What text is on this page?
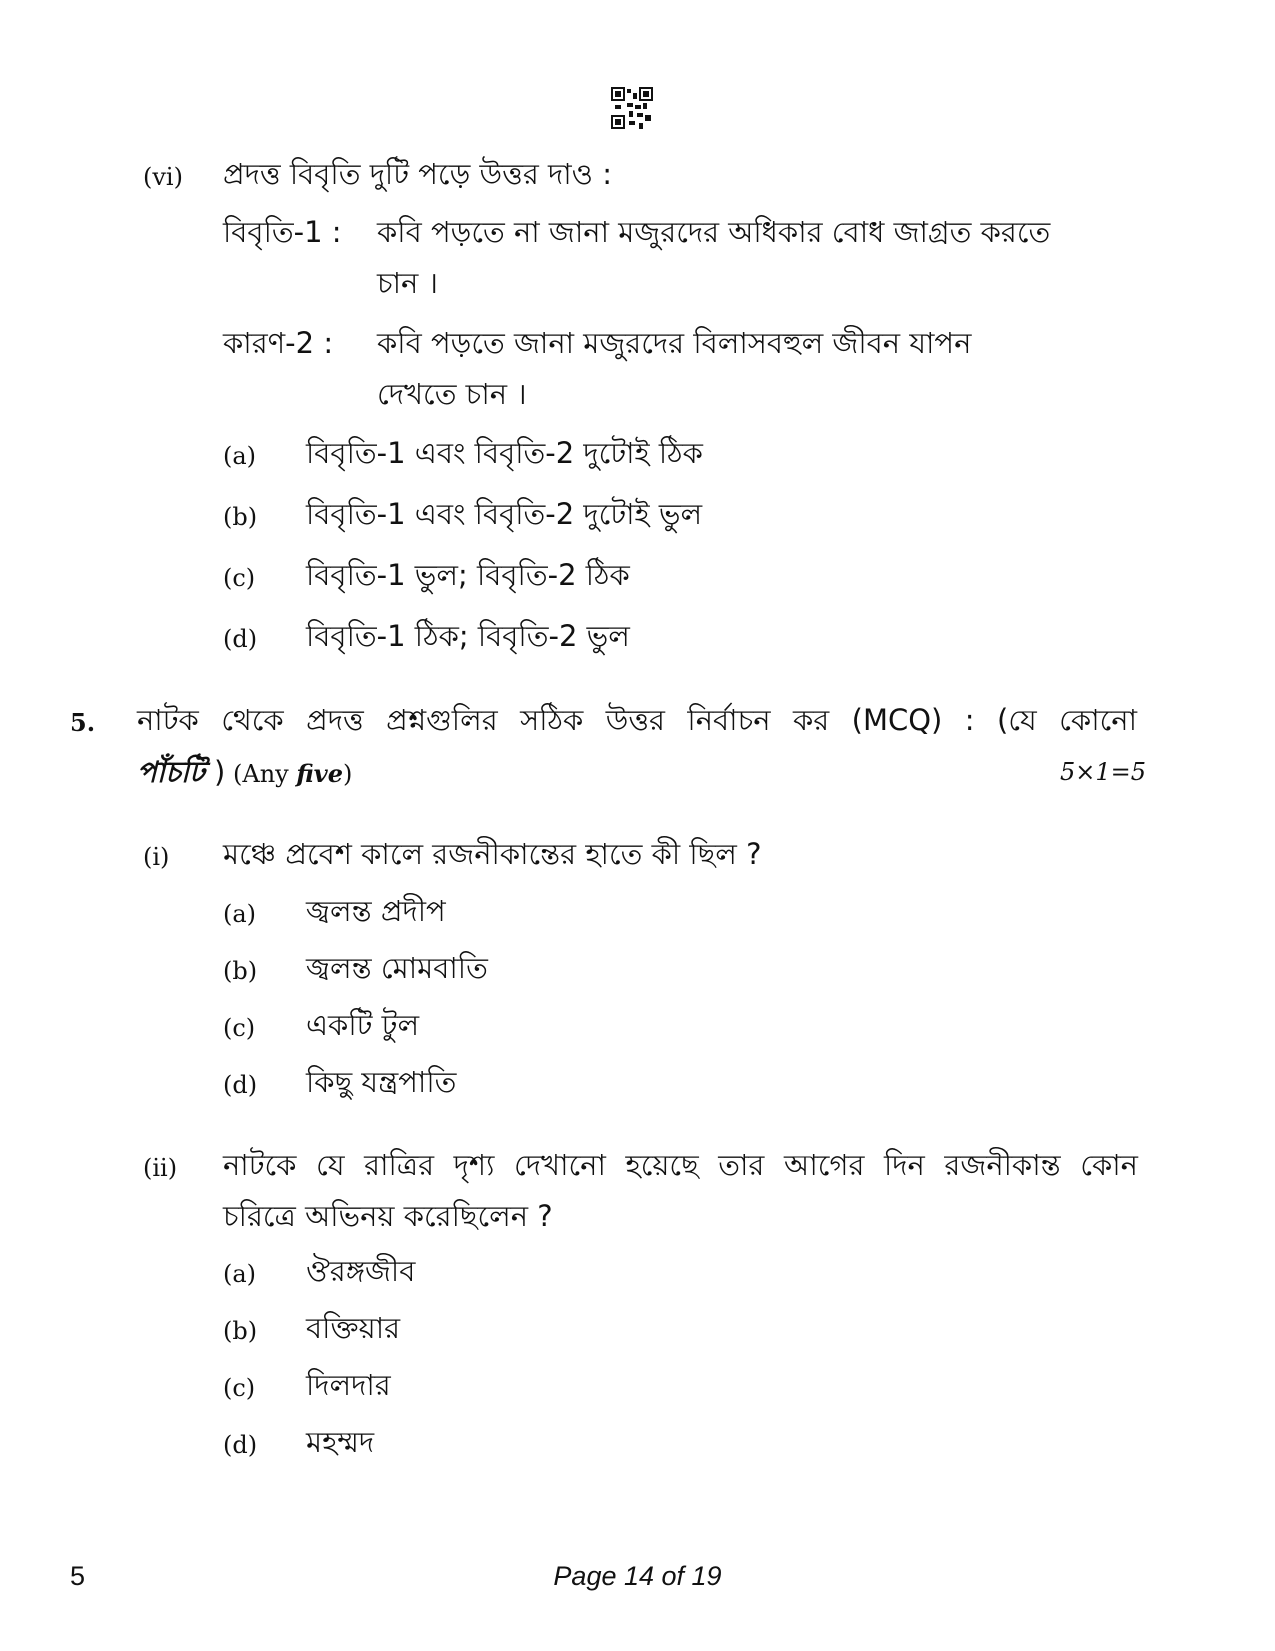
(vi) প্রদত্ত বিবৃতি দুটি পড়ে উত্তর দাও :
বিবৃতি-1 : কবি পড়তে না জানা মজুরদের অধিকার বোধ জাগ্রত করতে
চান ।
কারণ-2 : কবি পড়তে জানা মজুরদের বিলাসবহুল জীবন যাপন
দেখতে চান ।
(a) বিবৃতি-1 এবং বিবৃতি-2 দুটোই ঠিক
(b) বিবৃতি-1 এবং বিবৃতি-2 দুটোই ভুল
(c) বিবৃতি-1 ভুল; বিবৃতি-2 ঠিক
(d) বিবৃতি-1 ঠিক; বিবৃতি-2 ভুল
5. নাটক থেকে প্রদত্ত প্রশ্নগুলির সঠিক উত্তর নির্বাচন কর (MCQ) : (যে কোনো
পাঁচটি ) (Any five)	5×1=5
(i) মঞ্চে প্রবেশ কালে রজনীকান্তের হাতে কী ছিল ?
(a) জ্বলন্ত প্রদীপ
(b) জ্বলন্ত মোমবাতি
(c) একটি টুল
(d) কিছু যন্ত্রপাতি
(ii) নাটকে যে রাত্রির দৃশ্য দেখানো হয়েছে তার আগের দিন রজনীকান্ত কোন
চরিত্রে অভিনয় করেছিলেন ?
(a) ঔরঙ্গজীব
(b) বক্তিয়ার
(c) দিলদার
(d) মহম্মদ
5	Page 14 of 19
